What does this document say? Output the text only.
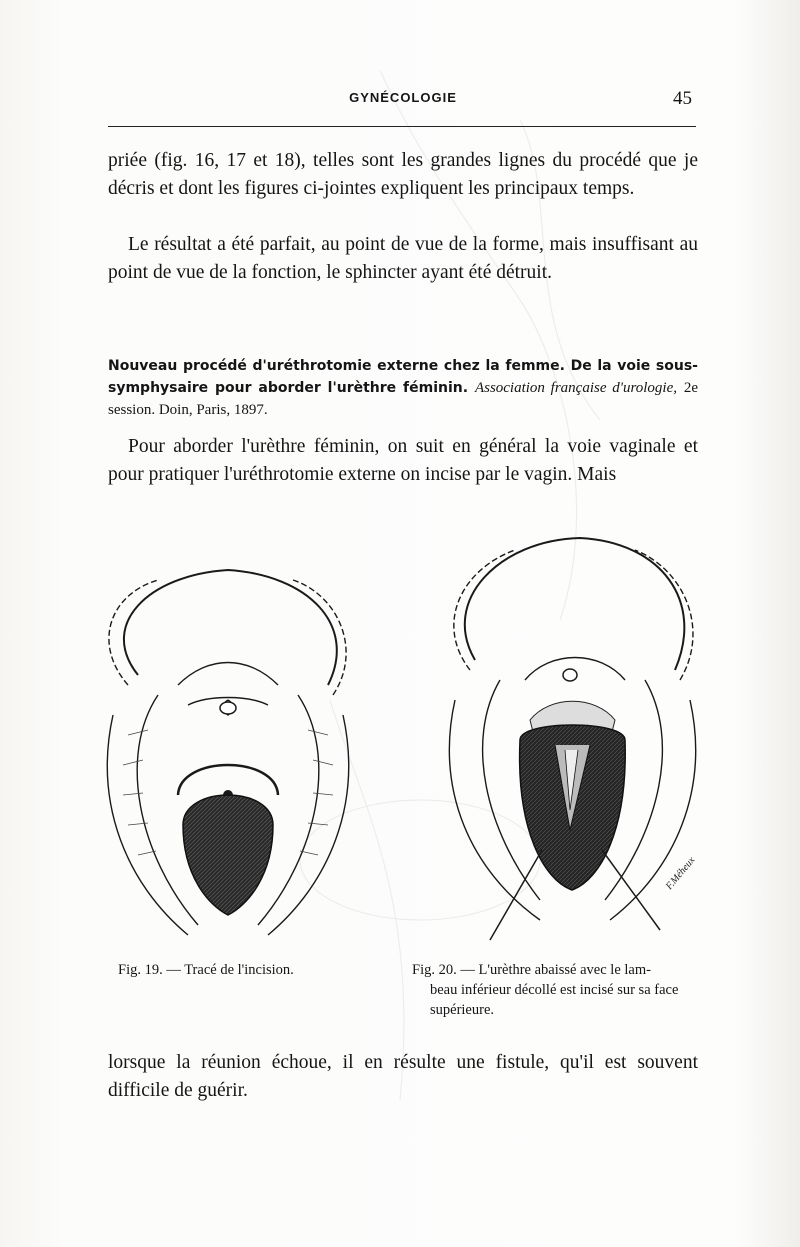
GYNÉCOLOGIE	45

priée (fig. 16, 17 et 18), telles sont les grandes lignes du procédé que je décris et dont les figures ci-jointes expliquent les principaux temps.

Le résultat a été parfait, au point de vue de la forme, mais insuffisant au point de vue de la fonction, le sphincter ayant été détruit.

Nouveau procédé d'uréthrotomie externe chez la femme. De la voie sous-symphysaire pour aborder l'urèthre féminin. Association française d'urologie, 2e session. Doin, Paris, 1897.

Pour aborder l'urèthre féminin, on suit en général la voie vaginale et pour pratiquer l'uréthrotomie externe on incise par le vagin. Mais

F.Méheux

Fig. 19. — Tracé de l'incision.	Fig. 20. — L'urèthre abaissé avec le lam-
beau inférieur décollé est incisé sur sa face supérieure.

lorsque la réunion échoue, il en résulte une fistule, qu'il est souvent difficile de guérir.
